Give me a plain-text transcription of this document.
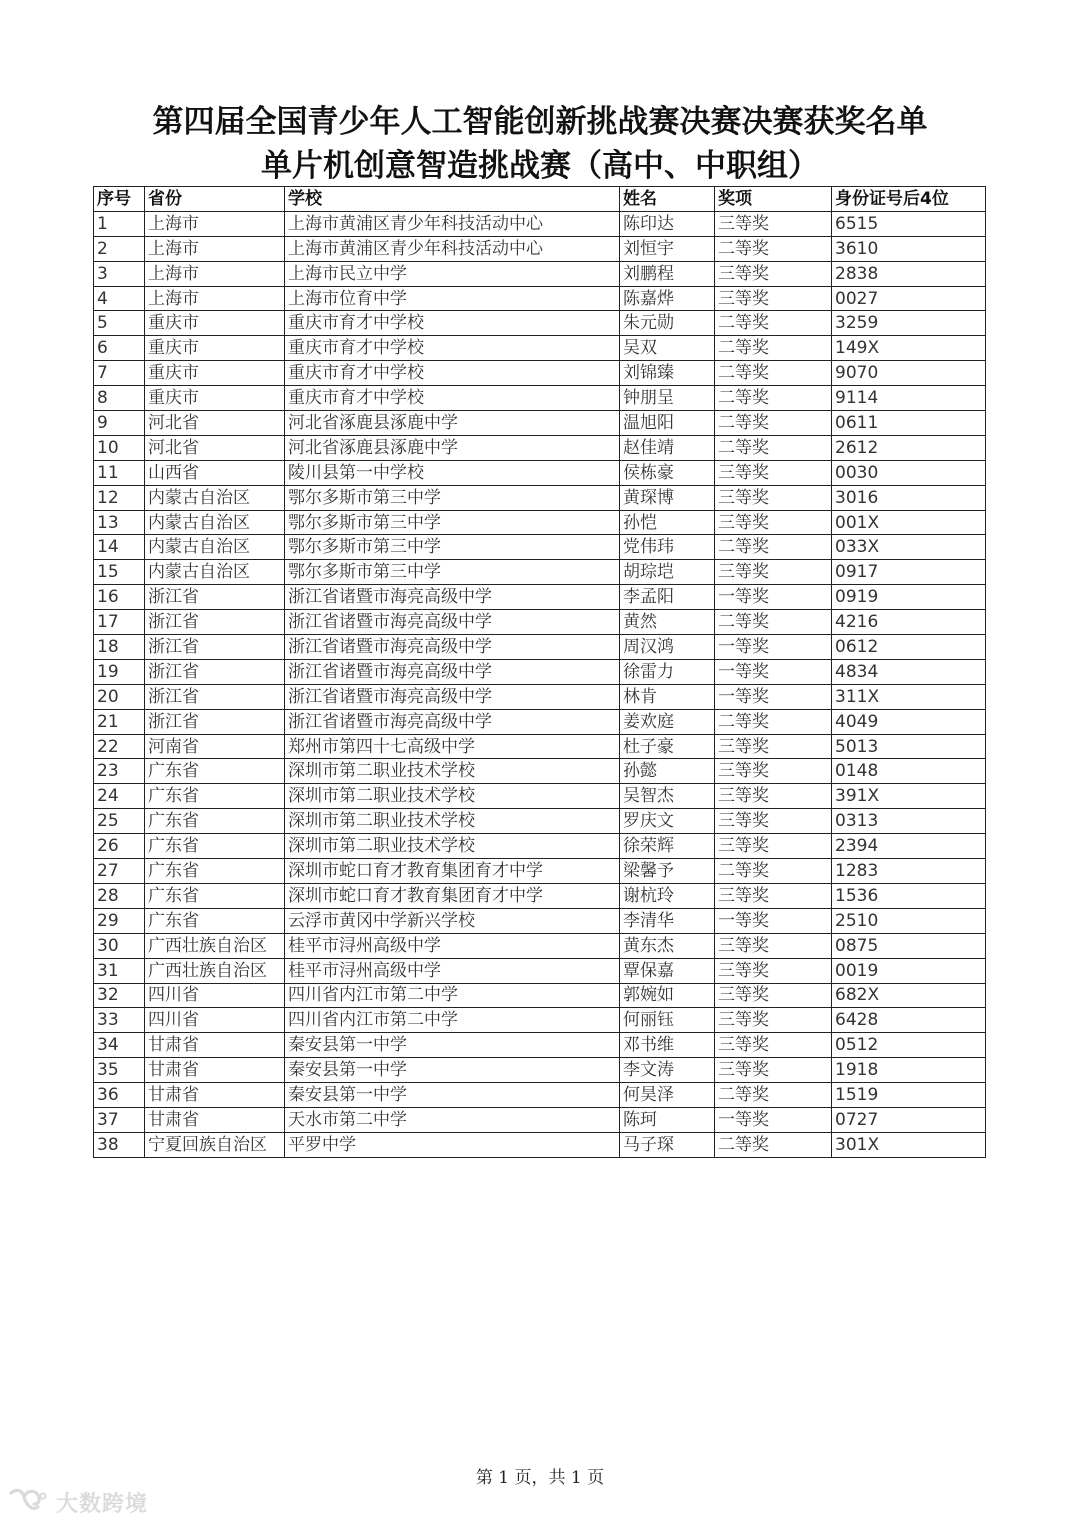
第四届全国青少年人工智能创新挑战赛决赛决赛获奖名单
单片机创意智造挑战赛（高中、中职组）
序号	省份	学校	姓名	奖项	身份证号后4位
1	上海市	上海市黄浦区青少年科技活动中心	陈印达	三等奖	6515
2	上海市	上海市黄浦区青少年科技活动中心	刘恒宇	二等奖	3610
3	上海市	上海市民立中学	刘鹏程	三等奖	2838
4	上海市	上海市位育中学	陈嘉烨	三等奖	0027
5	重庆市	重庆市育才中学校	朱元勋	二等奖	3259
6	重庆市	重庆市育才中学校	吴双	二等奖	149X
7	重庆市	重庆市育才中学校	刘锦臻	二等奖	9070
8	重庆市	重庆市育才中学校	钟朋呈	二等奖	9114
9	河北省	河北省涿鹿县涿鹿中学	温旭阳	二等奖	0611
10	河北省	河北省涿鹿县涿鹿中学	赵佳靖	二等奖	2612
11	山西省	陵川县第一中学校	侯栋豪	三等奖	0030
12	内蒙古自治区	鄂尔多斯市第三中学	黄琛博	三等奖	3016
13	内蒙古自治区	鄂尔多斯市第三中学	孙恺	三等奖	001X
14	内蒙古自治区	鄂尔多斯市第三中学	党伟玮	二等奖	033X
15	内蒙古自治区	鄂尔多斯市第三中学	胡琮垲	三等奖	0917
16	浙江省	浙江省诸暨市海亮高级中学	李孟阳	一等奖	0919
17	浙江省	浙江省诸暨市海亮高级中学	黄然	二等奖	4216
18	浙江省	浙江省诸暨市海亮高级中学	周汉鸿	一等奖	0612
19	浙江省	浙江省诸暨市海亮高级中学	徐雷力	一等奖	4834
20	浙江省	浙江省诸暨市海亮高级中学	林肯	一等奖	311X
21	浙江省	浙江省诸暨市海亮高级中学	姜欢庭	二等奖	4049
22	河南省	郑州市第四十七高级中学	杜子豪	三等奖	5013
23	广东省	深圳市第二职业技术学校	孙懿	三等奖	0148
24	广东省	深圳市第二职业技术学校	吴智杰	三等奖	391X
25	广东省	深圳市第二职业技术学校	罗庆文	三等奖	0313
26	广东省	深圳市第二职业技术学校	徐荣辉	三等奖	2394
27	广东省	深圳市蛇口育才教育集团育才中学	梁馨予	二等奖	1283
28	广东省	深圳市蛇口育才教育集团育才中学	谢杭玲	三等奖	1536
29	广东省	云浮市黄冈中学新兴学校	李清华	一等奖	2510
30	广西壮族自治区	桂平市浔州高级中学	黄东杰	三等奖	0875
31	广西壮族自治区	桂平市浔州高级中学	覃保嘉	三等奖	0019
32	四川省	四川省内江市第二中学	郭婉如	三等奖	682X
33	四川省	四川省内江市第二中学	何丽钰	三等奖	6428
34	甘肃省	秦安县第一中学	邓书维	三等奖	0512
35	甘肃省	秦安县第一中学	李文涛	三等奖	1918
36	甘肃省	秦安县第一中学	何昊泽	二等奖	1519
37	甘肃省	天水市第二中学	陈珂	一等奖	0727
38	宁夏回族自治区	平罗中学	马子琛	二等奖	301X
第 1 页，共 1 页
大数跨境
